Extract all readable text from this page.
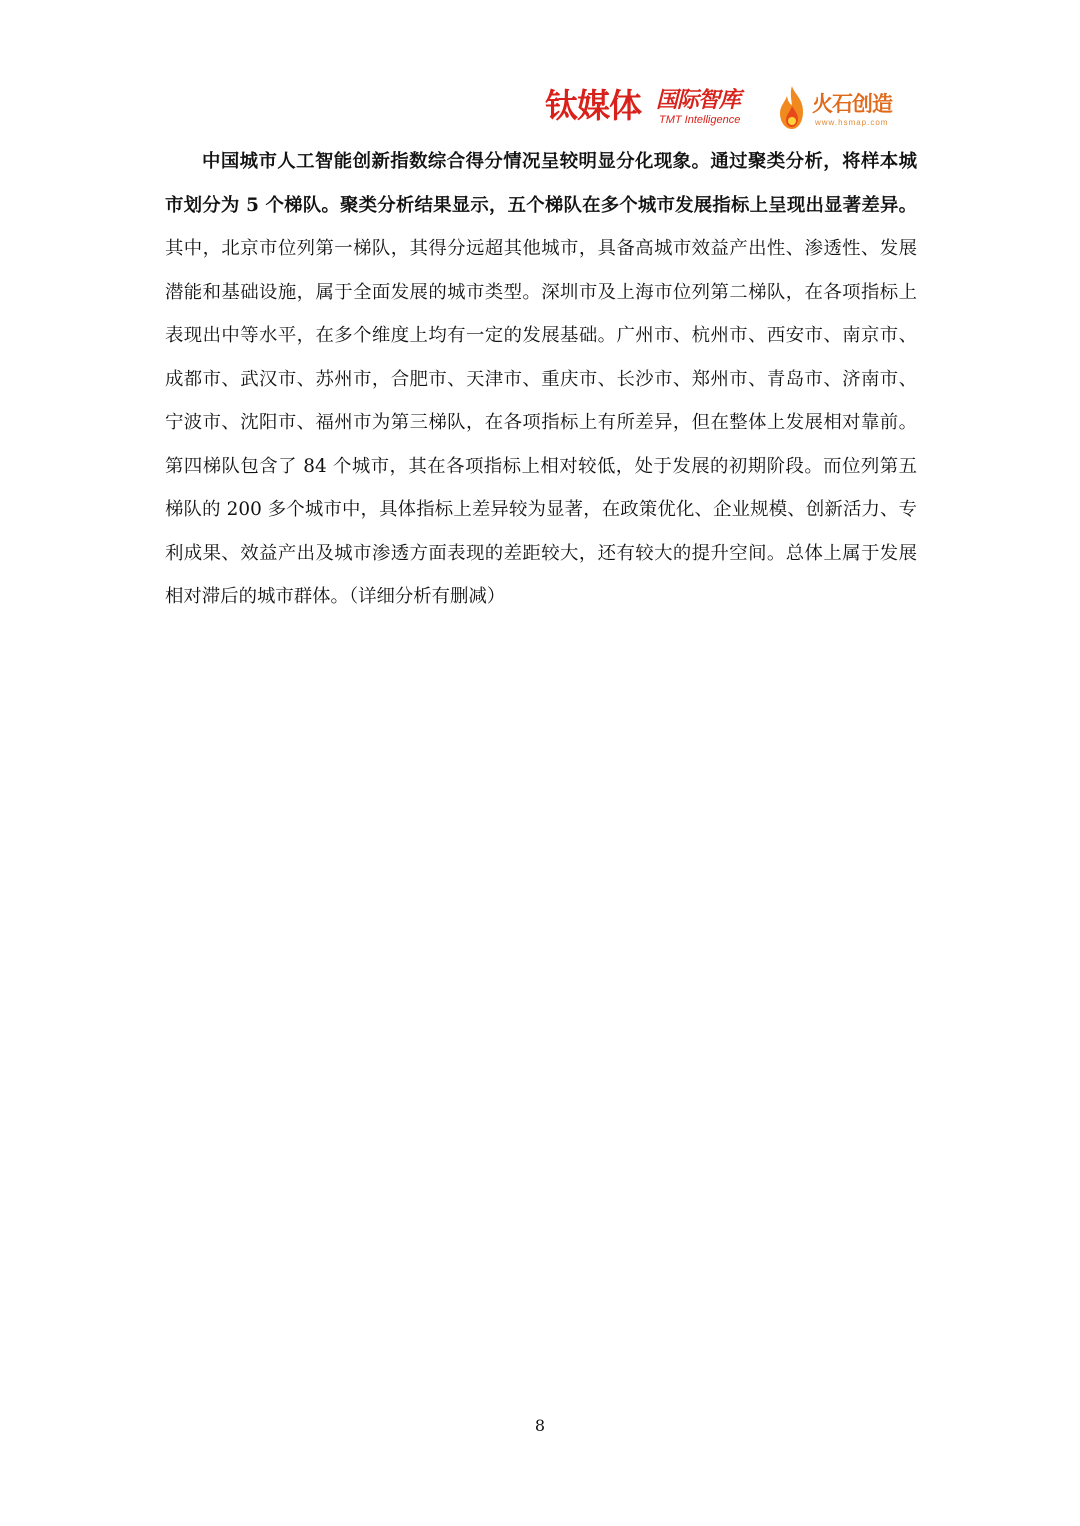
钛媒体 国际智库
TMT Intelligence
火石创造
www.hsmap.com

中国城市人工智能创新指数综合得分情况呈较明显分化现象。通过聚类分析，将样本城市划分为 5 个梯队。聚类分析结果显示，五个梯队在多个城市发展指标上呈现出显著差异。其中，北京市位列第一梯队，其得分远超其他城市，具备高城市效益产出性、渗透性、发展潜能和基础设施，属于全面发展的城市类型。深圳市及上海市位列第二梯队，在各项指标上表现出中等水平，在多个维度上均有一定的发展基础。广州市、杭州市、西安市、南京市、成都市、武汉市、苏州市，合肥市、天津市、重庆市、长沙市、郑州市、青岛市、济南市、宁波市、沈阳市、福州市为第三梯队，在各项指标上有所差异，但在整体上发展相对靠前。第四梯队包含了 84 个城市，其在各项指标上相对较低，处于发展的初期阶段。而位列第五梯队的 200 多个城市中，具体指标上差异较为显著，在政策优化、企业规模、创新活力、专利成果、效益产出及城市渗透方面表现的差距较大，还有较大的提升空间。总体上属于发展相对滞后的城市群体。（详细分析有删减）

8
